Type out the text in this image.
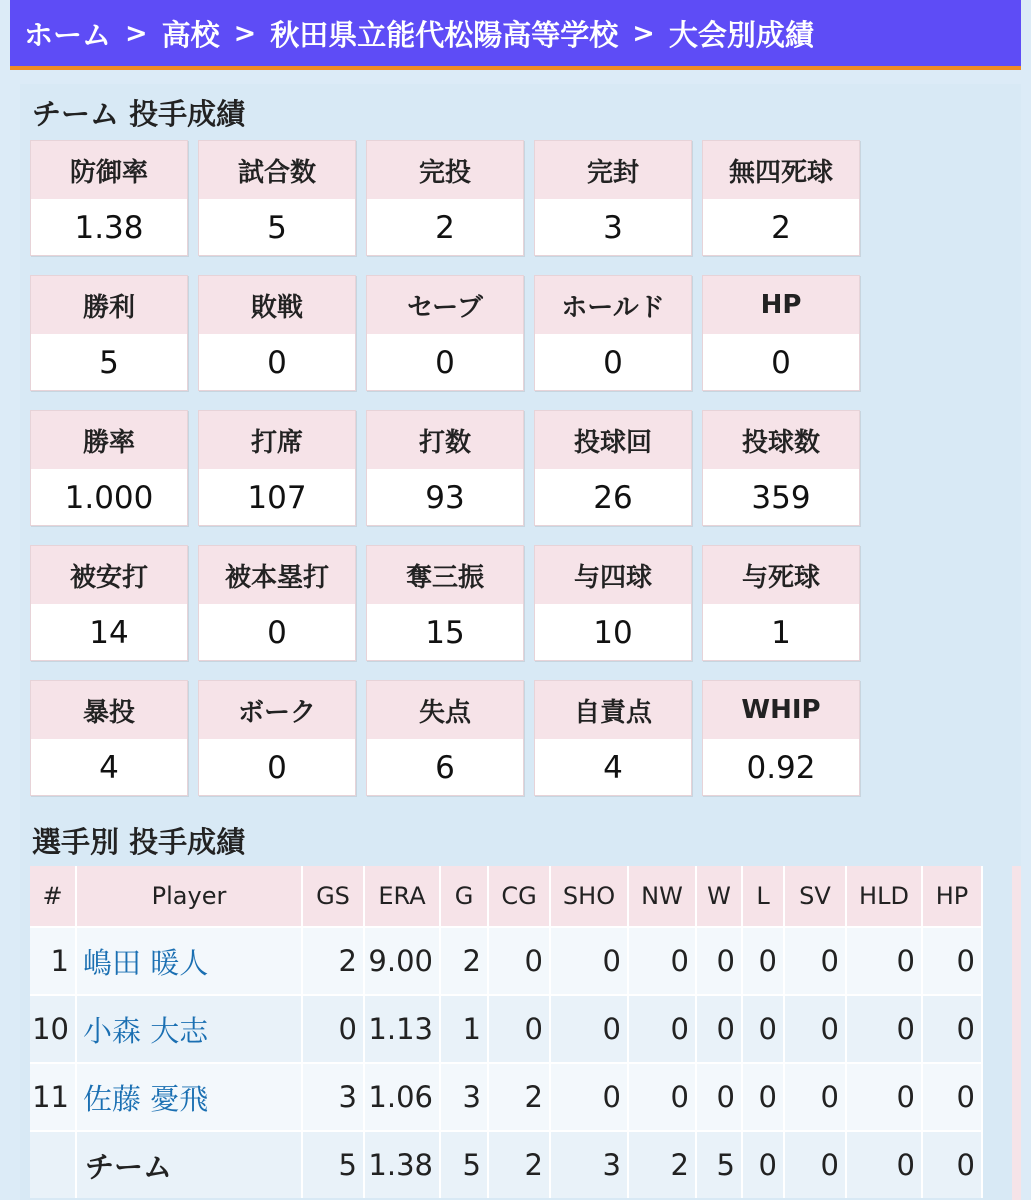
ホーム > 高校 > 秋田県立能代松陽高等学校 > 大会別成績
チーム 投手成績
防御率
1.38
試合数
5
完投
2
完封
3
無四死球
2
勝利
5
敗戦
0
セーブ
0
ホールド
0
HP
0
勝率
1.000
打席
107
打数
93
投球回
26
投球数
359
被安打
14
被本塁打
0
奪三振
15
与四球
10
与死球
1
暴投
4
ボーク
0
失点
6
自責点
4
WHIP
0.92
選手別 投手成績
#	Player	GS	ERA	G	CG	SHO	NW	W	L	SV	HLD	HP
1	嶋田 暖人	2	9.00	2	0	0	0	0	0	0	0	0
10	小森 大志	0	1.13	1	0	0	0	0	0	0	0	0
11	佐藤 憂飛	3	1.06	3	2	0	0	0	0	0	0	0
	チーム	5	1.38	5	2	3	2	5	0	0	0	0
